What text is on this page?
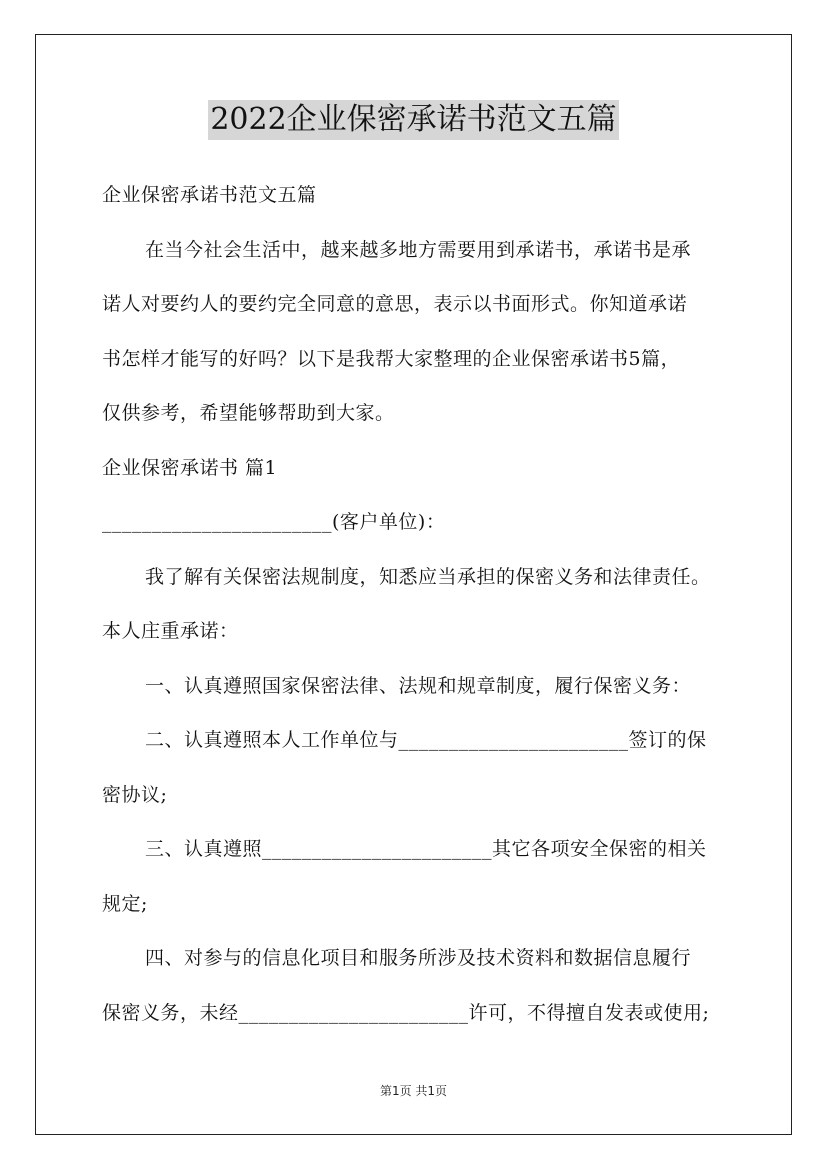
2022企业保密承诺书范文五篇
企业保密承诺书范文五篇
在当今社会生活中，越来越多地方需要用到承诺书，承诺书是承
诺人对要约人的要约完全同意的意思，表示以书面形式。你知道承诺
书怎样才能写的好吗？以下是我帮大家整理的企业保密承诺书5篇，
仅供参考，希望能够帮助到大家。
企业保密承诺书 篇1
_______________________(客户单位)：
我了解有关保密法规制度，知悉应当承担的保密义务和法律责任。
本人庄重承诺：
一、认真遵照国家保密法律、法规和规章制度，履行保密义务：
二、认真遵照本人工作单位与_______________________签订的保
密协议;
三、认真遵照_______________________其它各项安全保密的相关
规定;
四、对参与的信息化项目和服务所涉及技术资料和数据信息履行
保密义务，未经_______________________许可，不得擅自发表或使用;
第1页 共1页
